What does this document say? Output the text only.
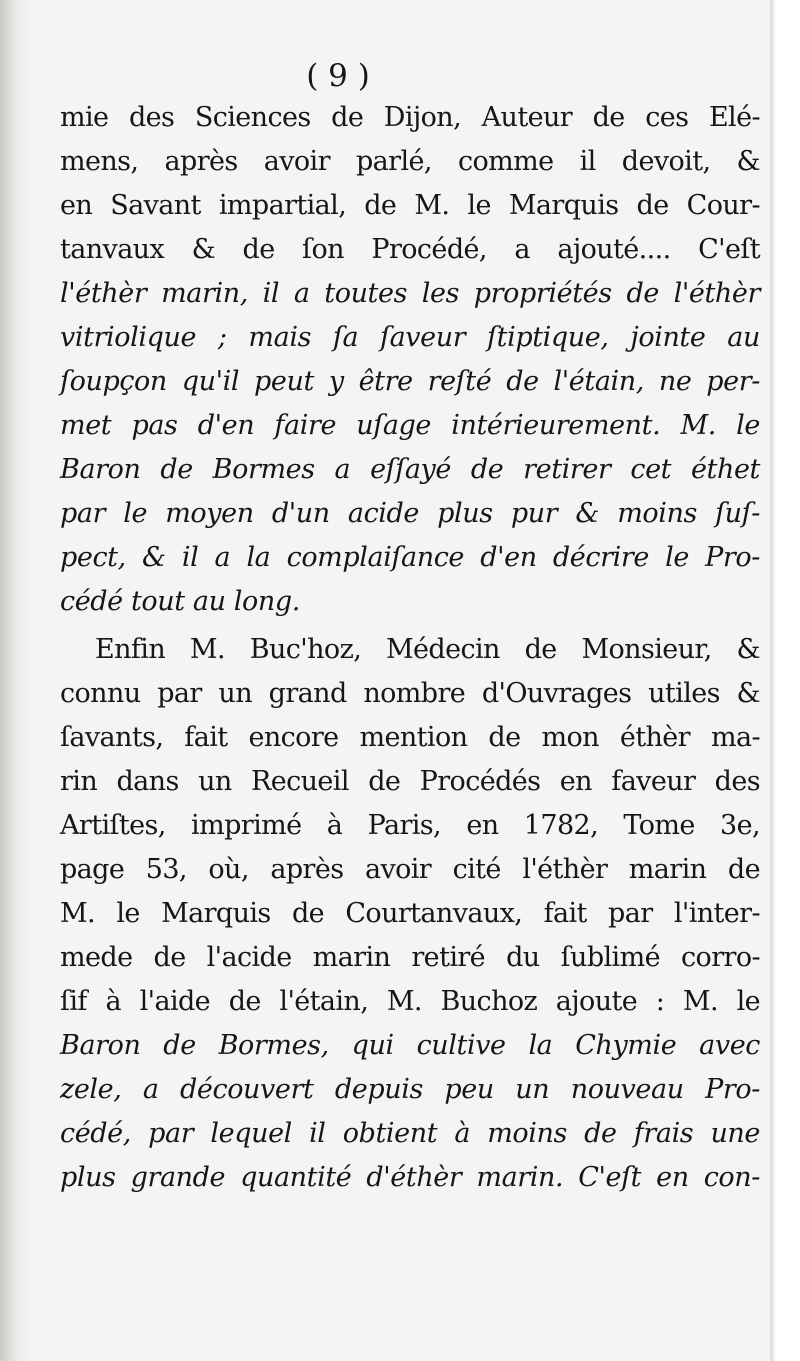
( 9 )
mie des Sciences de Dijon, Auteur de ces Elé-
mens, après avoir parlé, comme il devoit, &
en Savant impartial, de M. le Marquis de Cour-
tanvaux & de ſon Procédé, a ajouté.... C'eſt
l'éthèr marin, il a toutes les propriétés de l'éthèr
vitriolique ; mais ſa ſaveur ſtiptique, jointe au
ſoupçon qu'il peut y être reſté de l'étain, ne per-
met pas d'en faire uſage intérieurement. M. le
Baron de Bormes a eſſayé de retirer cet éthet
par le moyen d'un acide plus pur & moins ſuſ-
pect, & il a la complaiſance d'en décrire le Pro-
cédé tout au long.
Enfin M. Buc'hoz, Médecin de Monsieur, &
connu par un grand nombre d'Ouvrages utiles &
ſavants, fait encore mention de mon éthèr ma-
rin dans un Recueil de Procédés en faveur des
Artiſtes, imprimé à Paris, en 1782, Tome 3e,
page 53, où, après avoir cité l'éthèr marin de
M. le Marquis de Courtanvaux, fait par l'inter-
mede de l'acide marin retiré du ſublimé corro-
ſif à l'aide de l'étain, M. Buchoz ajoute : M. le
Baron de Bormes, qui cultive la Chymie avec
zele, a découvert depuis peu un nouveau Pro-
cédé, par lequel il obtient à moins de frais une
plus grande quantité d'éthèr marin. C'eſt en con-
